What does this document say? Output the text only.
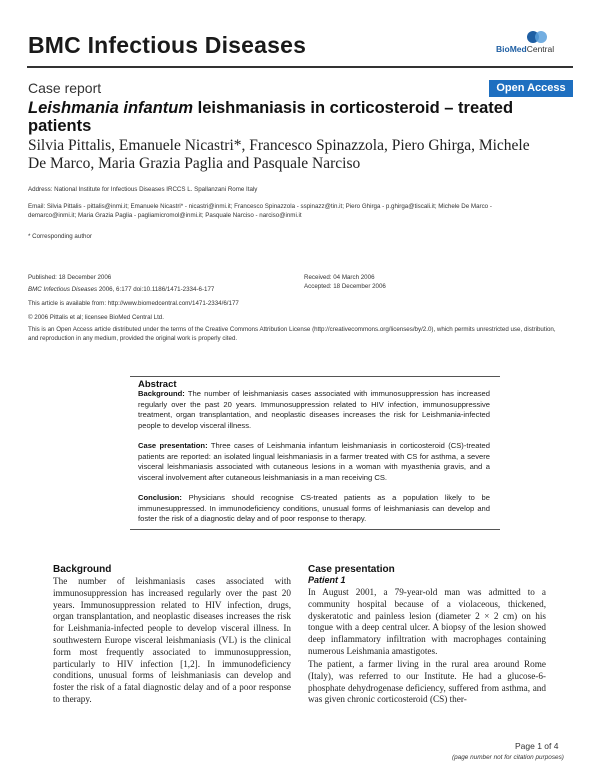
BMC Infectious Diseases	BioMedCentral
Case report	Open Access
Leishmania infantum leishmaniasis in corticosteroid – treated patients
Silvia Pittalis, Emanuele Nicastri*, Francesco Spinazzola, Piero Ghirga, Michele De Marco, Maria Grazia Paglia and Pasquale Narciso
Address: National Institute for Infectious Diseases IRCCS L. Spallanzani Rome Italy
Email: Silvia Pittalis - pittalis@inmi.it; Emanuele Nicastri* - nicastri@inmi.it; Francesco Spinazzola - sspinazz@tin.it; Piero Ghirga - p.ghirga@tiscali.it; Michele De Marco - demarco@inmi.it; Maria Grazia Paglia - pagliamicromol@inmi.it; Pasquale Narciso - narciso@inmi.it
* Corresponding author
Published: 18 December 2006
BMC Infectious Diseases 2006, 6:177 doi:10.1186/1471-2334-6-177
Received: 04 March 2006
Accepted: 18 December 2006
This article is available from: http://www.biomedcentral.com/1471-2334/6/177
© 2006 Pittalis et al; licensee BioMed Central Ltd.
This is an Open Access article distributed under the terms of the Creative Commons Attribution License (http://creativecommons.org/licenses/by/2.0), which permits unrestricted use, distribution, and reproduction in any medium, provided the original work is properly cited.
Abstract
Background: The number of leishmaniasis cases associated with immunosuppression has increased regularly over the past 20 years. Immunosuppression related to HIV infection, immunosuppressive treatment, organ transplantation, and neoplastic diseases increases the risk for Leishmania-infected people to develop visceral illness.
Case presentation: Three cases of Leishmania infantum leishmaniasis in corticosteroid (CS)-treated patients are reported: an isolated lingual leishmaniasis in a farmer treated with CS for asthma, a severe visceral leishmaniasis associated with cutaneous lesions in a woman with myasthenia gravis, and a visceral involvement after cutaneous leishmaniasis in a man receiving CS.
Conclusion: Physicians should recognise CS-treated patients as a population likely to be immunesuppressed. In immunodeficiency conditions, unusual forms of leishmaniasis can develop and foster the risk of a diagnostic delay and of poor response to therapy.
Background
The number of leishmaniasis cases associated with immunosuppression has increased regularly over the past 20 years. Immunosuppression related to HIV infection, drugs, organ transplantation, and neoplastic diseases increases the risk for Leishmania-infected people to develop visceral illness. In southwestern Europe visceral leishmaniasis (VL) is the clinical form most frequently associated to immunosuppression, particularly to HIV infection [1,2]. In immunodeficiency conditions, unusual forms of leishmaniasis can develop and foster the risk of a fatal diagnostic delay and of a poor response to therapy.
Case presentation
Patient 1
In August 2001, a 79-year-old man was admitted to a community hospital because of a violaceous, thickened, dyskeratotic and painless lesion (diameter 2 × 2 cm) on his tongue with a deep central ulcer. A biopsy of the lesion showed deep inflammatory infiltration with macrophages containing numerous Leishmania amastigotes.
The patient, a farmer living in the rural area around Rome (Italy), was referred to our Institute. He had a glucose-6-phosphate dehydrogenase deficiency, suffered from asthma, and was given chronic corticosteroid (CS) ther-
Page 1 of 4
(page number not for citation purposes)
